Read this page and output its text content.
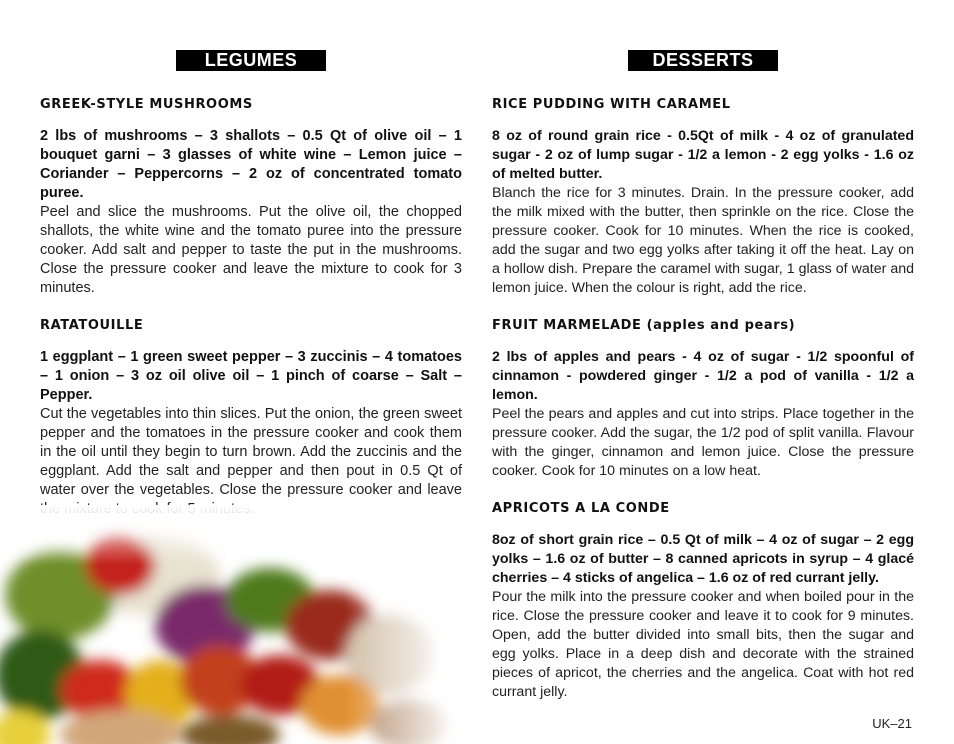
LEGUMES
GREEK-STYLE MUSHROOMS

2 lbs of mushrooms – 3 shallots – 0.5 Qt of olive oil – 1 bouquet garni – 3 glasses of white wine – Lemon juice – Coriander – Peppercorns – 2 oz of concentrated tomato puree.

Peel and slice the mushrooms. Put the olive oil, the chopped shallots, the white wine and the tomato puree into the pressure cooker. Add salt and pepper to taste the put in the mushrooms. Close the pressure cooker and leave the mixture to cook for 3 minutes.

RATATOUILLE

1 eggplant – 1 green sweet pepper – 3 zuccinis – 4 tomatoes – 1 onion – 3 oz oil olive oil – 1 pinch of coarse – Salt – Pepper.

Cut the vegetables into thin slices. Put the onion, the green sweet pepper and the tomatoes in the pressure cooker and cook them in the oil until they begin to turn brown. Add the zuccinis and the eggplant. Add the salt and pepper and then pout in 0.5 Qt of water over the vegetables. Close the pressure cooker and leave

DESSERTS
RICE PUDDING WITH CARAMEL

8 oz of round grain rice - 0.5Qt of milk - 4 oz of granulated sugar - 2 oz of lump sugar - 1/2 a lemon - 2 egg yolks - 1.6 oz of melted butter.

Blanch the rice for 3 minutes. Drain. In the pressure cooker, add the milk mixed with the butter, then sprinkle on the rice. Close the pressure cooker. Cook for 10 minutes. When the rice is cooked, add the sugar and two egg yolks after taking it off the heat. Lay on a hollow dish. Prepare the caramel with sugar, 1 glass of water and lemon juice. When the colour is right, add the rice.

FRUIT MARMELADE (apples and pears)

2 lbs of apples and pears - 4 oz of sugar - 1/2 spoonful of cinnamon - powdered ginger - 1/2 a pod of vanilla - 1/2 a lemon.

Peel the pears and apples and cut into strips. Place together in the pressure cooker. Add the sugar, the 1/2 pod of split vanilla. Flavour with the ginger, cinnamon and lemon juice. Close the pressure cooker. Cook for 10 minutes on a low heat.

APRICOTS A LA CONDE

8oz of short grain rice – 0.5 Qt of milk – 4 oz of sugar – 2 egg yolks – 1.6 oz of butter – 8 canned apricots in syrup – 4 glacé cherries – 4 sticks of angelica – 1.6 oz of red currant jelly.

Pour the milk into the pressure cooker and when boiled pour in the rice. Close the pressure cooker and leave it to cook for 9 minutes. Open, add the butter divided into small bits, then the sugar and egg yolks. Place in a deep dish and decorate with the strained pieces of apricot, the cherries and the angelica. Coat with hot red currant jelly.

UK–21
